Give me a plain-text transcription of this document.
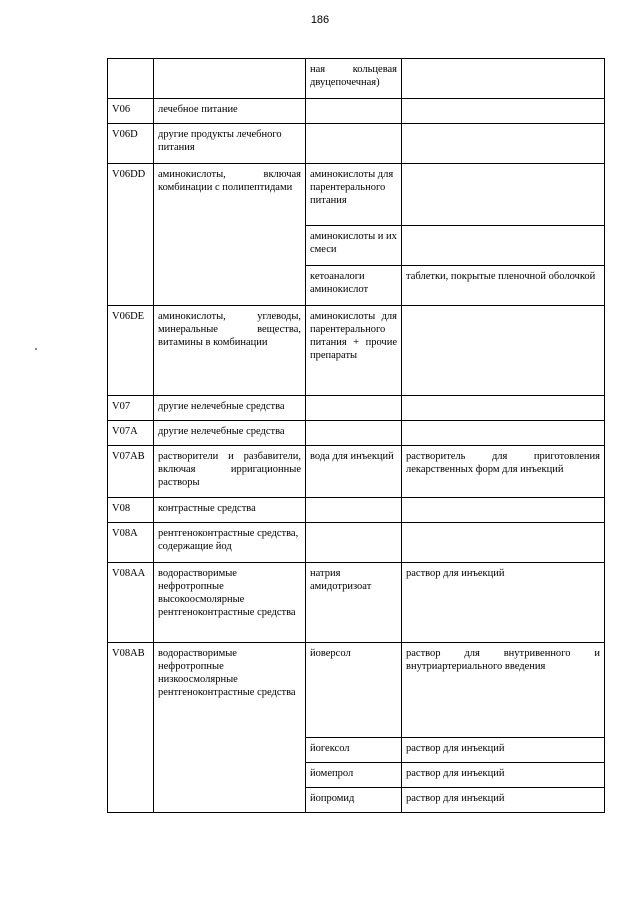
186
		ная кольцевая двуцепочечная)	
V06	лечебное питание		
V06D	другие продукты лечебного питания		
V06DD	аминокислоты, включая комбинации с полипептидами	аминокислоты для парентерального питания	
		аминокислоты и их смеси	
		кетоаналоги аминокислот	таблетки, покрытые пленочной оболочкой
V06DE	аминокислоты, углеводы, минеральные вещества, витамины в комбинации	аминокислоты для парентерального питания + прочие препараты	
V07	другие нелечебные средства		
V07A	другие нелечебные средства		
V07AB	растворители и разбавители, включая ирригационные растворы	вода для инъекций	растворитель для приготовления лекарственных форм для инъекций
V08	контрастные средства		
V08A	рентгеноконтрастные средства, содержащие йод		
V08AA	водорастворимые нефротропные высокоосмолярные рентгеноконтрастные средства	натрия амидотризоат	раствор для инъекций
V08AB	водорастворимые нефротропные низкоосмолярные рентгеноконтрастные средства	йоверсол	раствор для внутривенного и внутриартериального введения
		йогексол	раствор для инъекций
		йомепрол	раствор для инъекций
		йопромид	раствор для инъекций
